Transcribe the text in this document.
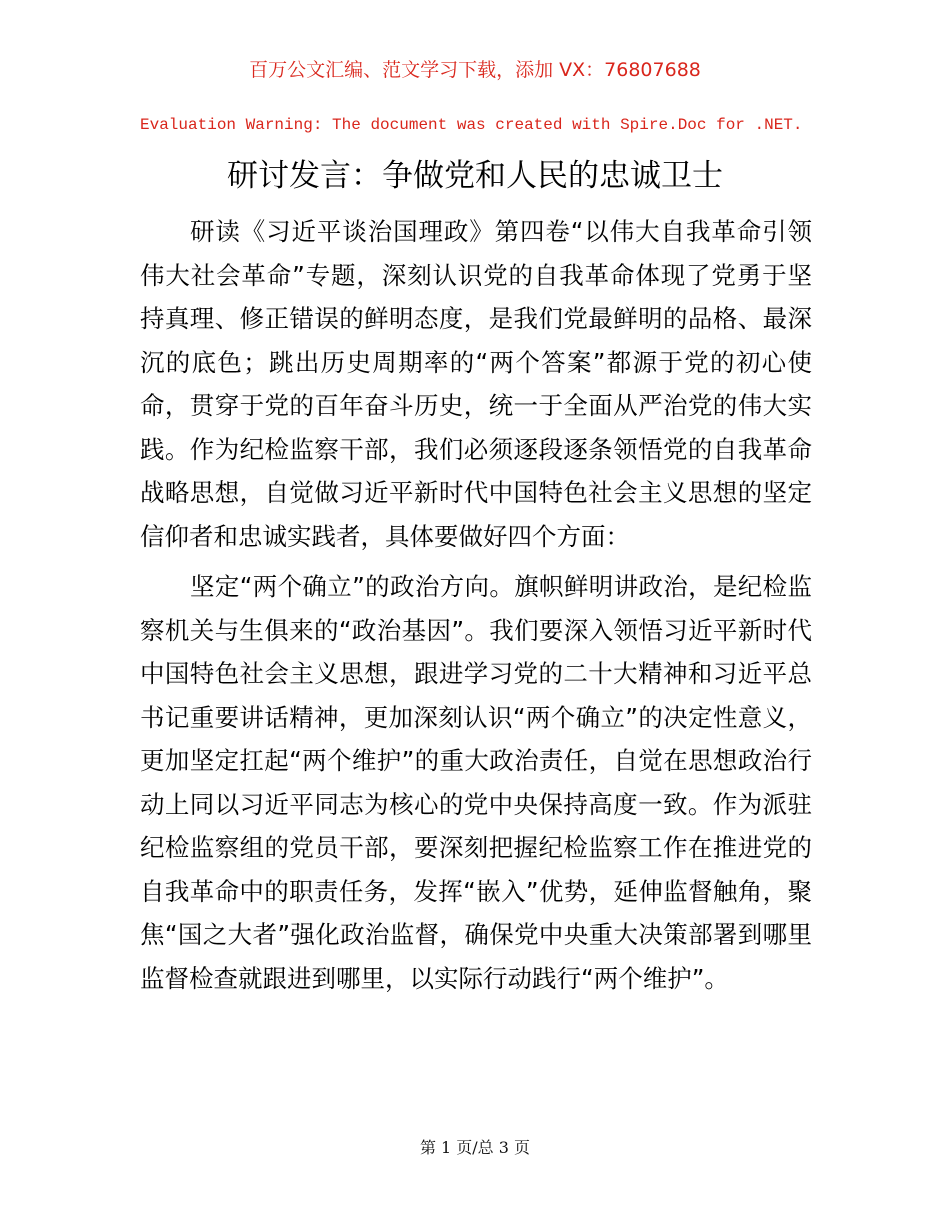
百万公文汇编、范文学习下载，添加 VX：76807688
Evaluation Warning: The document was created with Spire.Doc for .NET.
研讨发言：争做党和人民的忠诚卫士

研读《习近平谈治国理政》第四卷“以伟大自我革命引领伟大社会革命”专题，深刻认识党的自我革命体现了党勇于坚持真理、修正错误的鲜明态度，是我们党最鲜明的品格、最深沉的底色；跳出历史周期率的“两个答案”都源于党的初心使命，贯穿于党的百年奋斗历史，统一于全面从严治党的伟大实践。作为纪检监察干部，我们必须逐段逐条领悟党的自我革命战略思想，自觉做习近平新时代中国特色社会主义思想的坚定信仰者和忠诚实践者，具体要做好四个方面：

坚定“两个确立”的政治方向。旗帜鲜明讲政治，是纪检监察机关与生俱来的“政治基因”。我们要深入领悟习近平新时代中国特色社会主义思想，跟进学习党的二十大精神和习近平总书记重要讲话精神，更加深刻认识“两个确立”的决定性意义，更加坚定扛起“两个维护”的重大政治责任，自觉在思想政治行动上同以习近平同志为核心的党中央保持高度一致。作为派驻纪检监察组的党员干部，要深刻把握纪检监察工作在推进党的自我革命中的职责任务，发挥“嵌入”优势，延伸监督触角，聚焦“国之大者”强化政治监督，确保党中央重大决策部署到哪里监督检查就跟进到哪里，以实际行动践行“两个维护”。

第 1 页/总 3 页
